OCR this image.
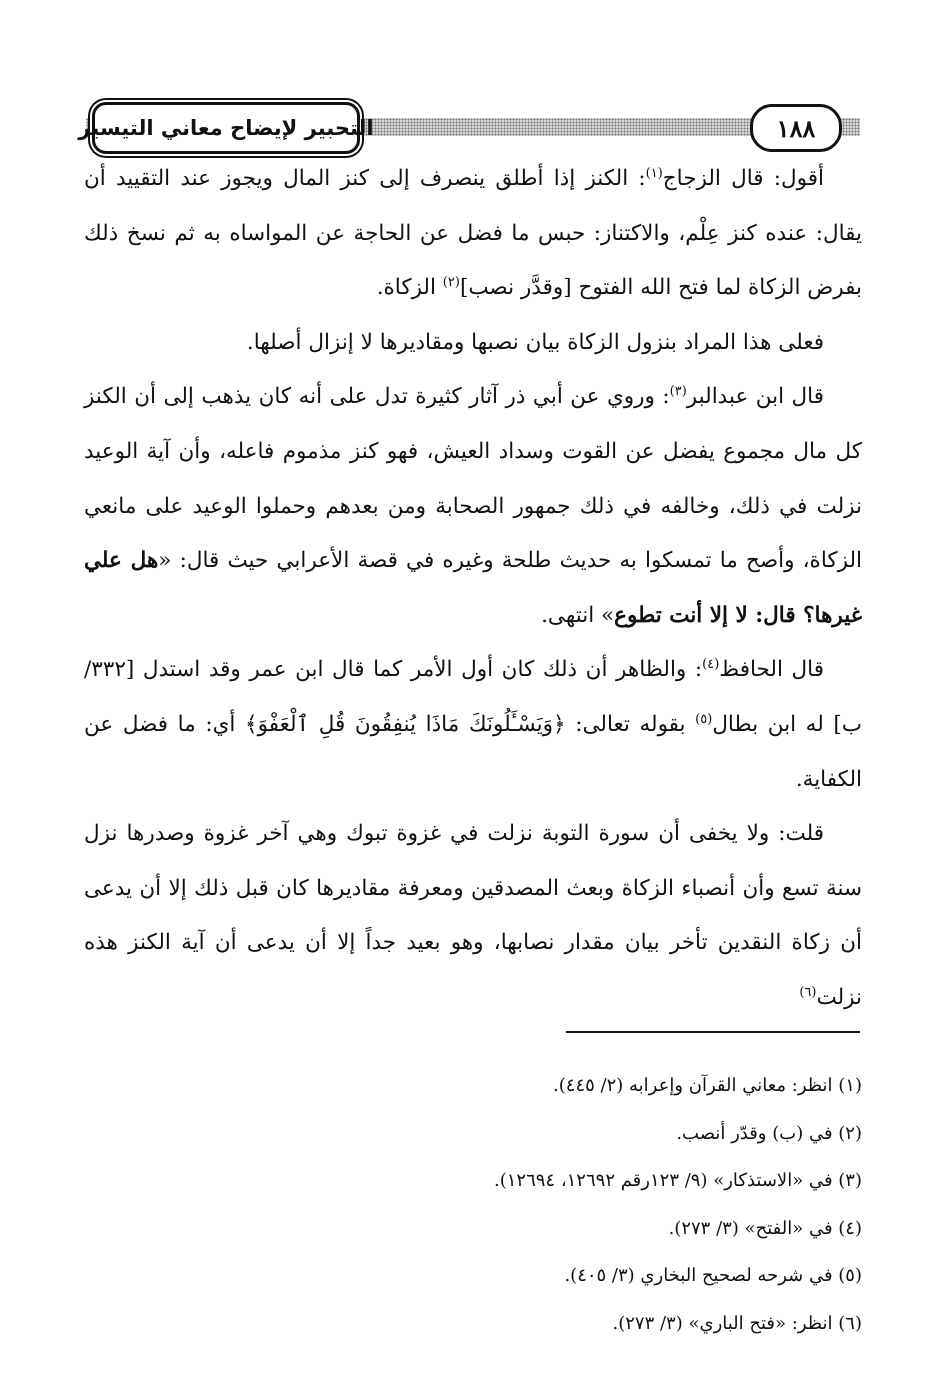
التحبير لإيضاح معاني التيسير	١٨٨

أقول: قال الزجاج$^{(١)}$: الكنز إذا أطلق ينصرف إلى كنز المال ويجوز عند التقييد أن يقال: عنده كنز عِلْم، والاكتناز: حبس ما فضل عن الحاجة عن المواساه به ثم نسخ ذلك بفرض الزكاة لما فتح الله الفتوح [وقدَّر نصب]$^{(٢)}$ الزكاة.

فعلى هذا المراد بنزول الزكاة بيان نصبها ومقاديرها لا إنزال أصلها.

قال ابن عبدالبر$^{(٣)}$: وروي عن أبي ذر آثار كثيرة تدل على أنه كان يذهب إلى أن الكنز كل مال مجموع يفضل عن القوت وسداد العيش، فهو كنز مذموم فاعله، وأن آية الوعيد نزلت في ذلك، وخالفه في ذلك جمهور الصحابة ومن بعدهم وحملوا الوعيد على مانعي الزكاة، وأصح ما تمسكوا به حديث طلحة وغيره في قصة الأعرابي حيث قال: «هل علي غيرها؟ قال: لا إلا أنت تطوع» انتهى.

قال الحافظ$^{(٤)}$: والظاهر أن ذلك كان أول الأمر كما قال ابن عمر وقد استدل [٣٣٢/ ب] له ابن بطال$^{(٥)}$ بقوله تعالى: ﴿وَيَسْـَٔلُونَكَ مَاذَا يُنفِقُونَ قُلِ ٱلْعَفْوَ﴾ أي: ما فضل عن الكفاية.

قلت: ولا يخفى أن سورة التوبة نزلت في غزوة تبوك وهي آخر غزوة وصدرها نزل سنة تسع وأن أنصباء الزكاة وبعث المصدقين ومعرفة مقاديرها كان قبل ذلك إلا أن يدعى أن زكاة النقدين تأخر بيان مقدار نصابها، وهو بعيد جداً إلا أن يدعى أن آية الكنز هذه نزلت$^{(٦)}$

(١) انظر: معاني القرآن وإعرابه (٢/ ٤٤٥).

(٢) في (ب) وقدّر أنصب.

(٣) في «الاستذكار» (٩/ ١٢٣رقم ١٢٦٩٢، ١٢٦٩٤).

(٤) في «الفتح» (٣/ ٢٧٣).

(٥) في شرحه لصحيح البخاري (٣/ ٤٠٥).

(٦) انظر: «فتح الباري» (٣/ ٢٧٣).
